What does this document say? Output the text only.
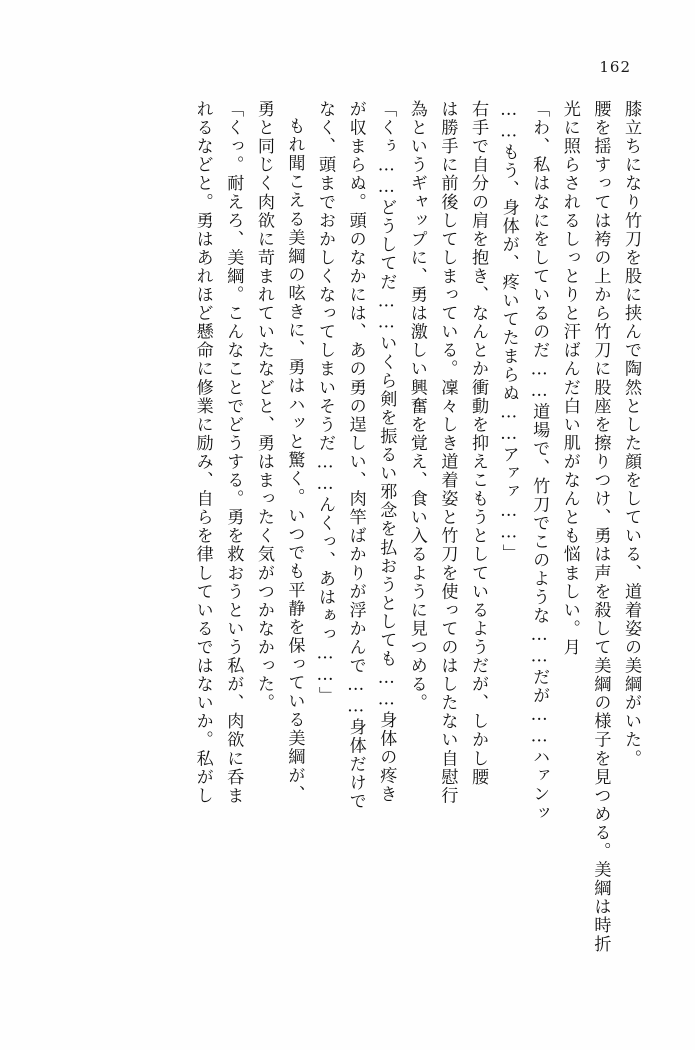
162
膝立ちになり竹刀を股に挟んで陶然とした顔をしている、道着姿の美綱がいた。
腰を揺すっては袴の上から竹刀に股座を擦りつけ、勇は声を殺して美綱の様子を見つめる。美綱は時折
光に照らされるしっとりと汗ばんだ白い肌がなんとも悩ましい。月
「わ、私はなにをしているのだ……道場で、竹刀でこのような……だが……ハァンッ
……もう、身体が、疼いてたまらぬ……アァァ……」
右手で自分の肩を抱き、なんとか衝動を抑えこもうとしているようだが、しかし腰
は勝手に前後してしまっている。凜々しき道着姿と竹刀を使ってのはしたない自慰行
為というギャップに、勇は激しい興奮を覚え、食い入るように見つめる。
「くぅ……どうしてだ……いくら剣を振るい邪念を払おうとしても……身体の疼き
が収まらぬ。頭のなかには、あの勇の逞しい、肉竿ばかりが浮かんで……身体だけで
なく、頭までおかしくなってしまいそうだ……んくっ、あはぁっ……」
もれ聞こえる美綱の呟きに、勇はハッと驚く。いつでも平静を保っている美綱が、
勇と同じく肉欲に苛まれていたなどと、勇はまったく気がつかなかった。
「くっ。耐えろ、美綱。こんなことでどうする。勇を救おうという私が、肉欲に呑ま
れるなどと。勇はあれほど懸命に修業に励み、自らを律しているではないか。私がし
